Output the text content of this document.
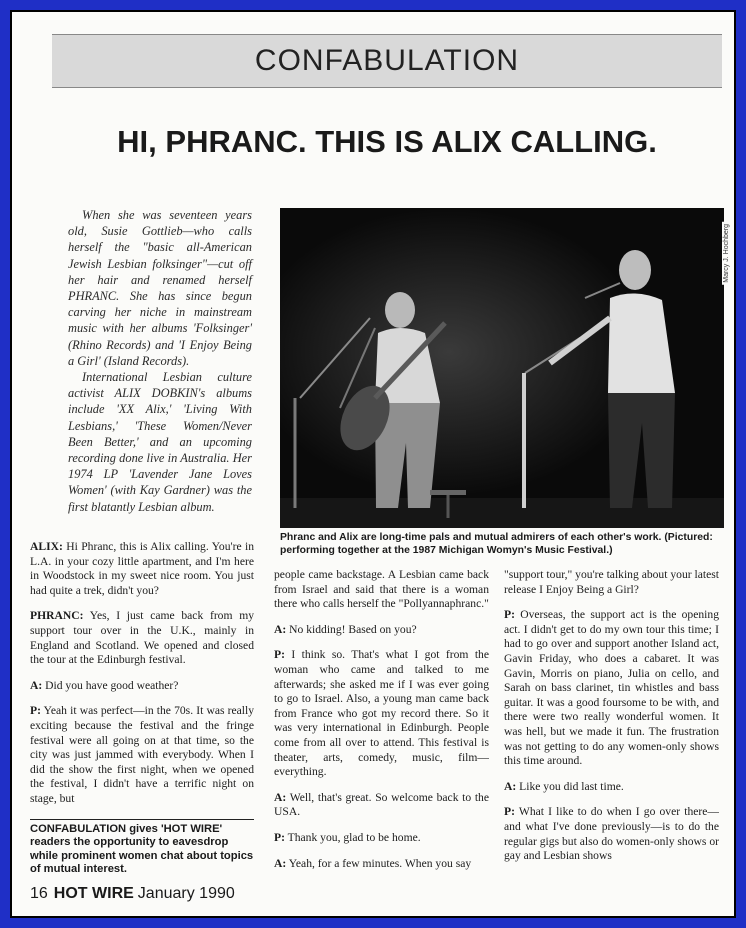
CONFABULATION
HI, PHRANC. THIS IS ALIX CALLING.

When she was seventeen years old, Susie Gottlieb—who calls herself the "basic all-American Jewish Lesbian folksinger"—cut off her hair and renamed herself PHRANC. She has since begun carving her niche in mainstream music with her albums 'Folksinger' (Rhino Records) and 'I Enjoy Being a Girl' (Island Records).

International Lesbian culture activist ALIX DOBKIN's albums include 'XX Alix,' 'Living With Lesbians,' 'These Women/Never Been Better,' and an upcoming recording done live in Australia. Her 1974 LP 'Lavender Jane Loves Women' (with Kay Gardner) was the first blatantly Lesbian album.

Marcy J. Hochberg
Phranc and Alix are long-time pals and mutual admirers of each other's work. (Pictured: performing together at the 1987 Michigan Womyn's Music Festival.)

ALIX: Hi Phranc, this is Alix calling. You're in L.A. in your cozy little apartment, and I'm here in Woodstock in my sweet nice room. You just had quite a trek, didn't you?

PHRANC: Yes, I just came back from my support tour over in the U.K., mainly in England and Scotland. We opened and closed the tour at the Edinburgh festival.

A: Did you have good weather?

P: Yeah it was perfect—in the 70s. It was really exciting because the festival and the fringe festival were all going on at that time, so the city was just jammed with everybody. When I did the show the first night, when we opened the festival, I didn't have a terrific night on stage, but

CONFABULATION gives 'HOT WIRE' readers the opportunity to eavesdrop while prominent women chat about topics of mutual interest.

people came backstage. A Lesbian came back from Israel and said that there is a woman there who calls herself the "Pollyannaphranc."

A: No kidding! Based on you?

P: I think so. That's what I got from the woman who came and talked to me afterwards; she asked me if I was ever going to go to Israel. Also, a young man came back from France who got my record there. So it was very international in Edinburgh. People come from all over to attend. This festival is theater, arts, comedy, music, film—everything.

A: Well, that's great. So welcome back to the USA.

P: Thank you, glad to be home.

A: Yeah, for a few minutes. When you say

"support tour," you're talking about your latest release I Enjoy Being a Girl?

P: Overseas, the support act is the opening act. I didn't get to do my own tour this time; I had to go over and support another Island act, Gavin Friday, who does a cabaret. It was Gavin, Morris on piano, Julia on cello, and Sarah on bass clarinet, tin whistles and bass guitar. It was a good foursome to be with, and there were two really wonderful women. It was hell, but we made it fun. The frustration was not getting to do any women-only shows this time around.

A: Like you did last time.

P: What I like to do when I go over there—and what I've done previously—is to do the regular gigs but also do women-only shows or gay and Lesbian shows

16 HOT WIRE January 1990
